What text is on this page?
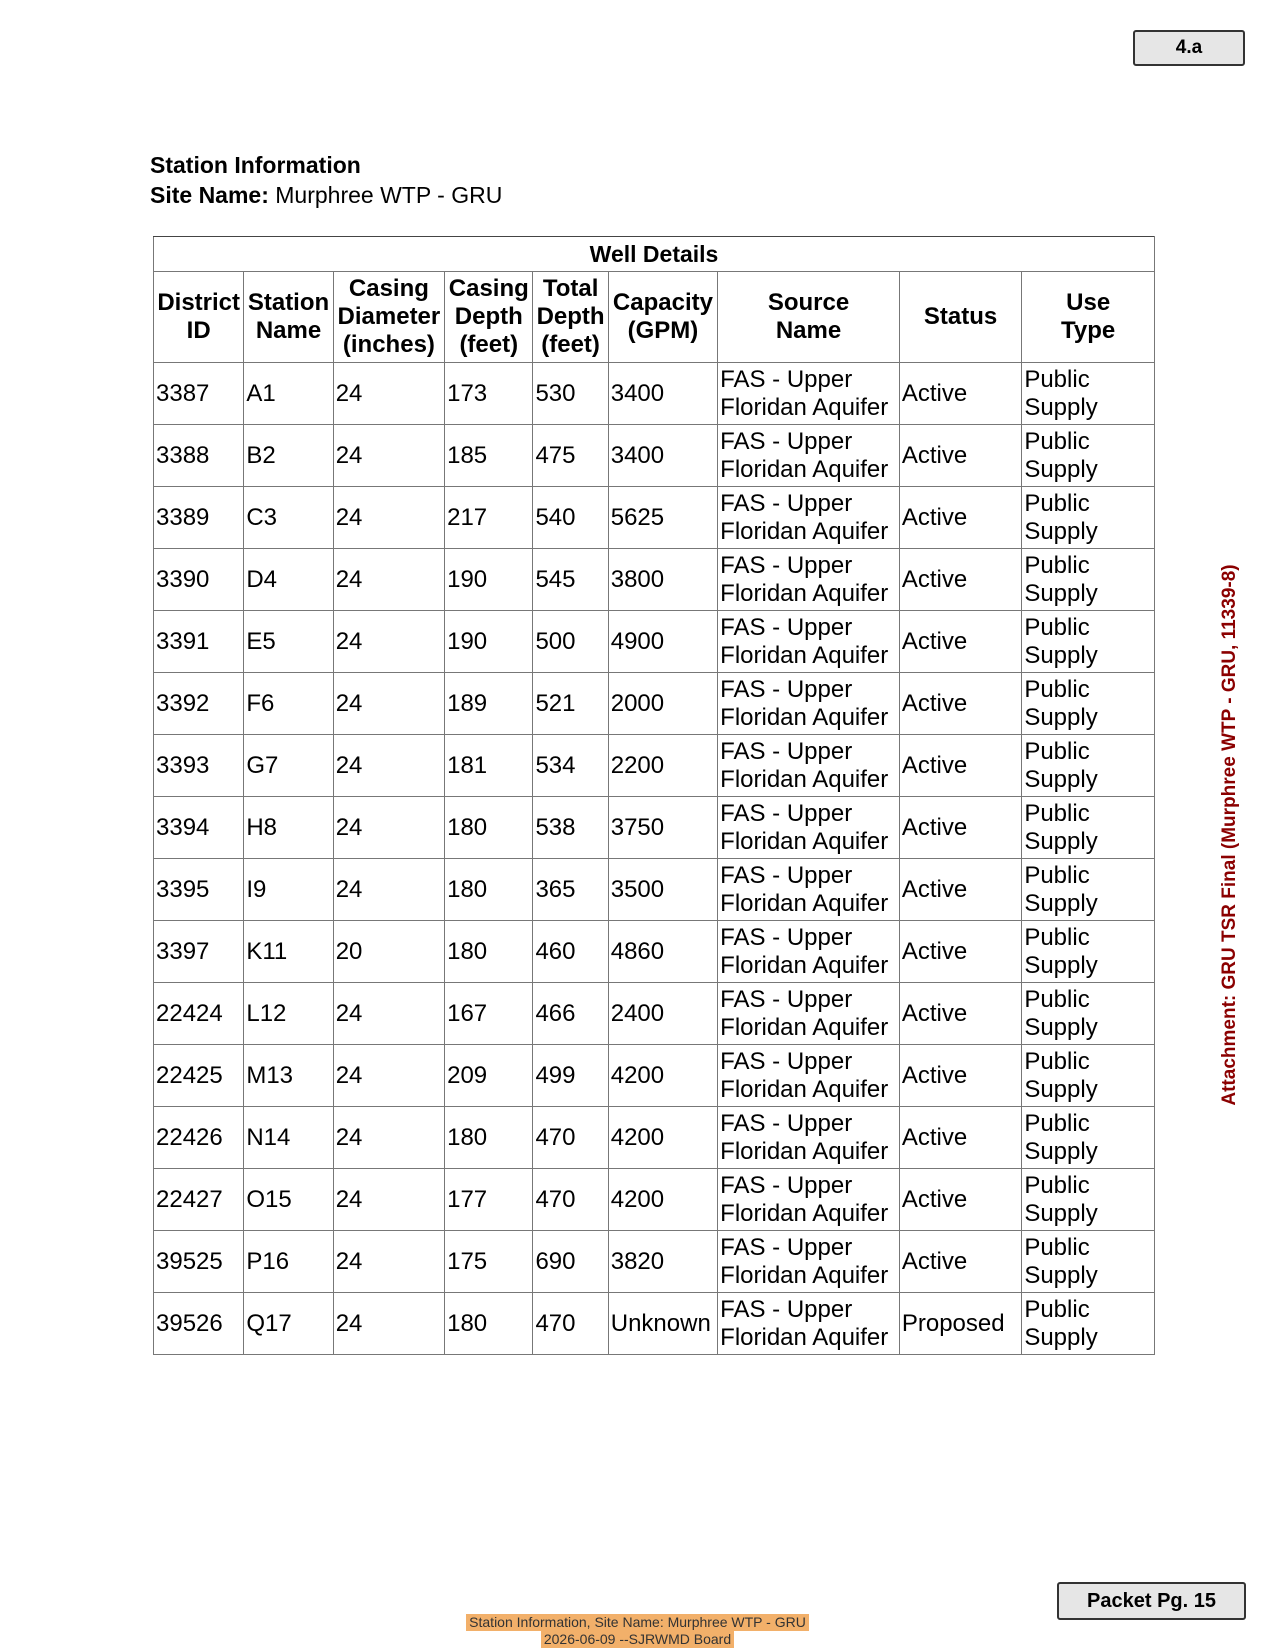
4.a
Station Information
Site Name: Murphree WTP - GRU
Well Details								
District
ID	Station
Name	Casing
Diameter
(inches)	Casing
Depth
(feet)	Total
Depth
(feet)	Capacity
(GPM)	Source
Name	Status	Use
Type
3387	A1	24	173	530	3400	FAS - Upper
Floridan Aquifer	Active	Public
Supply
3388	B2	24	185	475	3400	FAS - Upper
Floridan Aquifer	Active	Public
Supply
3389	C3	24	217	540	5625	FAS - Upper
Floridan Aquifer	Active	Public
Supply
3390	D4	24	190	545	3800	FAS - Upper
Floridan Aquifer	Active	Public
Supply
3391	E5	24	190	500	4900	FAS - Upper
Floridan Aquifer	Active	Public
Supply
3392	F6	24	189	521	2000	FAS - Upper
Floridan Aquifer	Active	Public
Supply
3393	G7	24	181	534	2200	FAS - Upper
Floridan Aquifer	Active	Public
Supply
3394	H8	24	180	538	3750	FAS - Upper
Floridan Aquifer	Active	Public
Supply
3395	I9	24	180	365	3500	FAS - Upper
Floridan Aquifer	Active	Public
Supply
3397	K11	20	180	460	4860	FAS - Upper
Floridan Aquifer	Active	Public
Supply
22424	L12	24	167	466	2400	FAS - Upper
Floridan Aquifer	Active	Public
Supply
22425	M13	24	209	499	4200	FAS - Upper
Floridan Aquifer	Active	Public
Supply
22426	N14	24	180	470	4200	FAS - Upper
Floridan Aquifer	Active	Public
Supply
22427	O15	24	177	470	4200	FAS - Upper
Floridan Aquifer	Active	Public
Supply
39525	P16	24	175	690	3820	FAS - Upper
Floridan Aquifer	Active	Public
Supply
39526	Q17	24	180	470	Unknown	FAS - Upper
Floridan Aquifer	Proposed	Public
Supply
Attachment: GRU TSR Final (Murphree WTP - GRU, 11339-8)
Packet Pg. 15
Station Information, Site Name: Murphree WTP - GRU
2026-06-09 --SJRWMD Board
